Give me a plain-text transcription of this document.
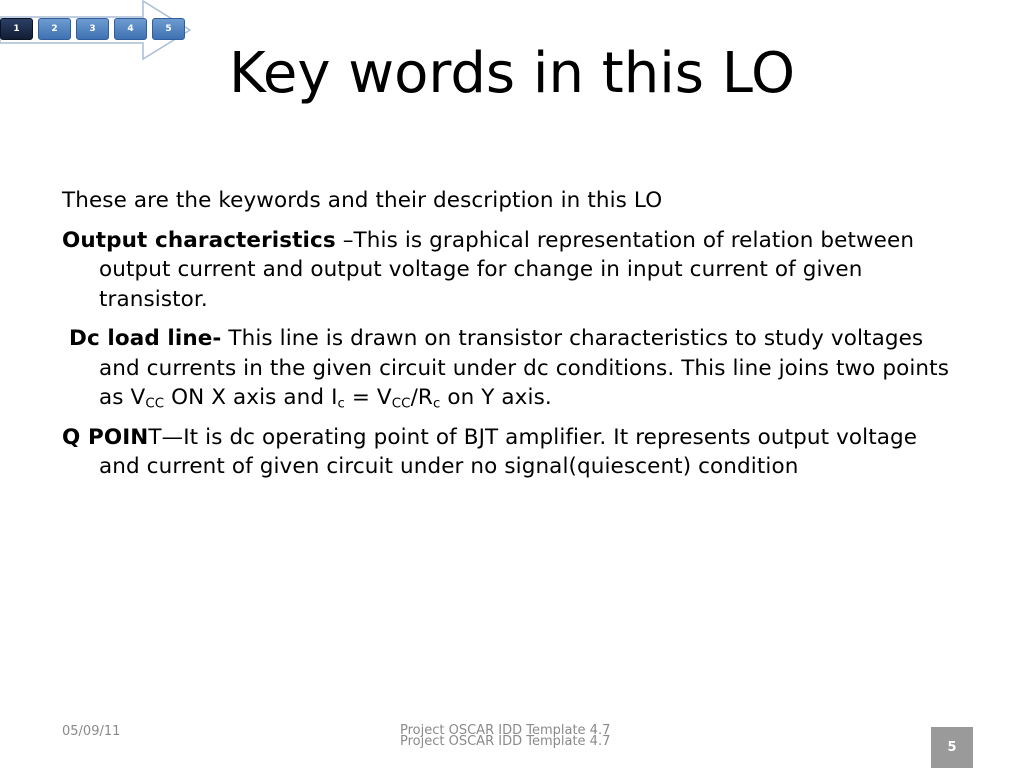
1	2	3	4	5
Key words in this LO

These are the keywords and their description in this LO

Output characteristics –This is graphical representation of relation between output current and output voltage for change in input current of given transistor.

Dc load line- This line is drawn on transistor characteristics to study voltages and currents in the given circuit under dc conditions. This line joins two points as $V_{CC}$ ON X axis and $I_c = V_{CC}/R_c$ on Y axis.

Q POINT—It is dc operating point of BJT amplifier. It represents output voltage and current of given circuit under no signal(quiescent) condition

05/09/11	Project OSCAR IDD Template 4.7
Project OSCAR IDD Template 4.7	5
